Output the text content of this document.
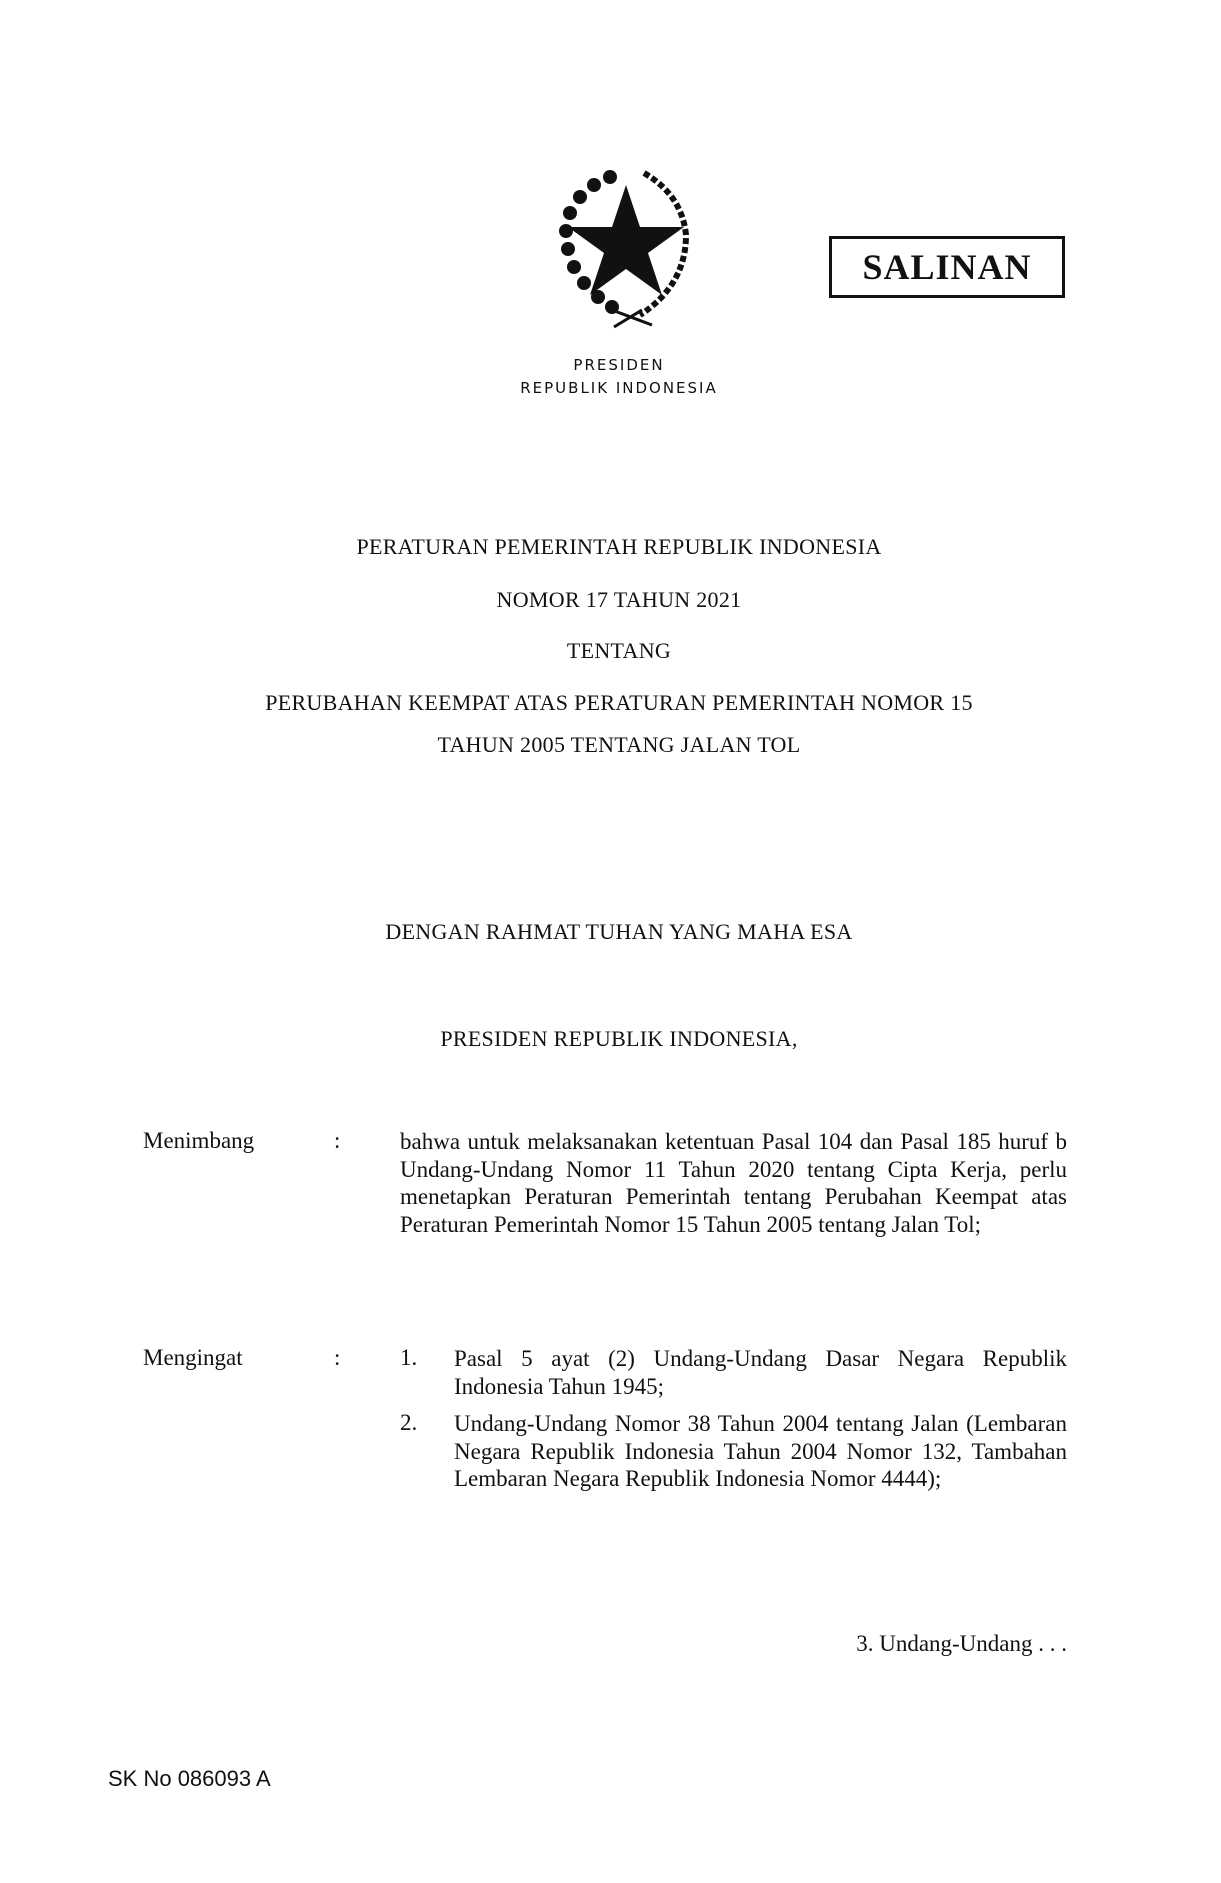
SALINAN
PRESIDEN
REPUBLIK INDONESIA
PERATURAN PEMERINTAH REPUBLIK INDONESIA
NOMOR 17 TAHUN 2021
TENTANG
PERUBAHAN KEEMPAT ATAS PERATURAN PEMERINTAH NOMOR 15
TAHUN 2005 TENTANG JALAN TOL
DENGAN RAHMAT TUHAN YANG MAHA ESA
PRESIDEN REPUBLIK INDONESIA,
Menimbang	:	bahwa untuk melaksanakan ketentuan Pasal 104 dan Pasal 185 huruf b Undang-Undang Nomor 11 Tahun 2020 tentang Cipta Kerja, perlu menetapkan Peraturan Pemerintah tentang Perubahan Keempat atas Peraturan Pemerintah Nomor 15 Tahun 2005 tentang Jalan Tol;
Mengingat	:	1. Pasal 5 ayat (2) Undang-Undang Dasar Negara Republik Indonesia Tahun 1945;
2. Undang-Undang Nomor 38 Tahun 2004 tentang Jalan (Lembaran Negara Republik Indonesia Tahun 2004 Nomor 132, Tambahan Lembaran Negara Republik Indonesia Nomor 4444);
3. Undang-Undang . . .
SK No 086093 A
